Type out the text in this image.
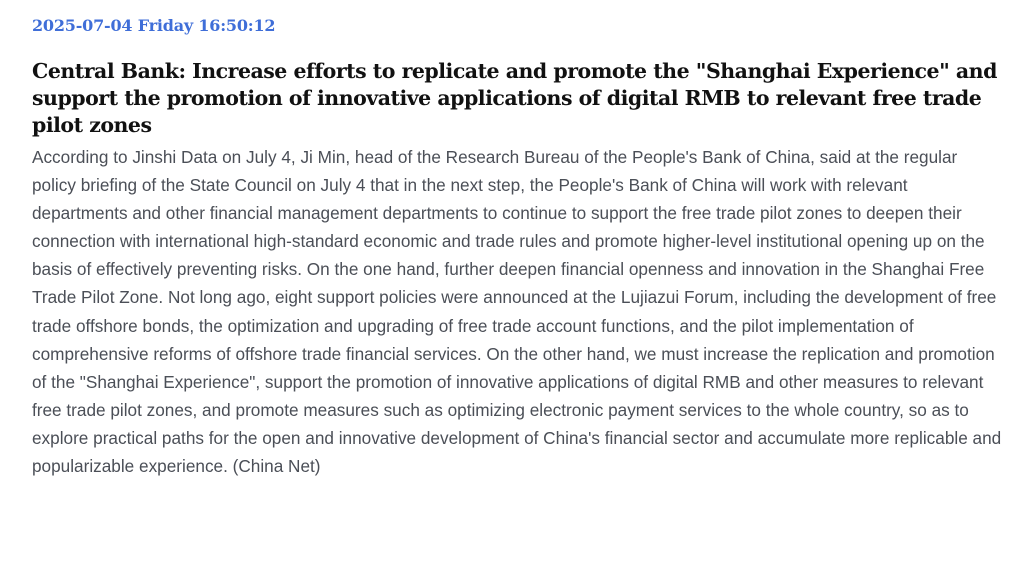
2025-07-04 Friday 16:50:12
Central Bank: Increase efforts to replicate and promote the "Shanghai Experience" and support the promotion of innovative applications of digital RMB to relevant free trade pilot zones

According to Jinshi Data on July 4, Ji Min, head of the Research Bureau of the People's Bank of China, said at the regular policy briefing of the State Council on July 4 that in the next step, the People's Bank of China will work with relevant departments and other financial management departments to continue to support the free trade pilot zones to deepen their connection with international high-standard economic and trade rules and promote higher-level institutional opening up on the basis of effectively preventing risks. On the one hand, further deepen financial openness and innovation in the Shanghai Free Trade Pilot Zone. Not long ago, eight support policies were announced at the Lujiazui Forum, including the development of free trade offshore bonds, the optimization and upgrading of free trade account functions, and the pilot implementation of comprehensive reforms of offshore trade financial services. On the other hand, we must increase the replication and promotion of the "Shanghai Experience", support the promotion of innovative applications of digital RMB and other measures to relevant free trade pilot zones, and promote measures such as optimizing electronic payment services to the whole country, so as to explore practical paths for the open and innovative development of China's financial sector and accumulate more replicable and popularizable experience. (China Net)
